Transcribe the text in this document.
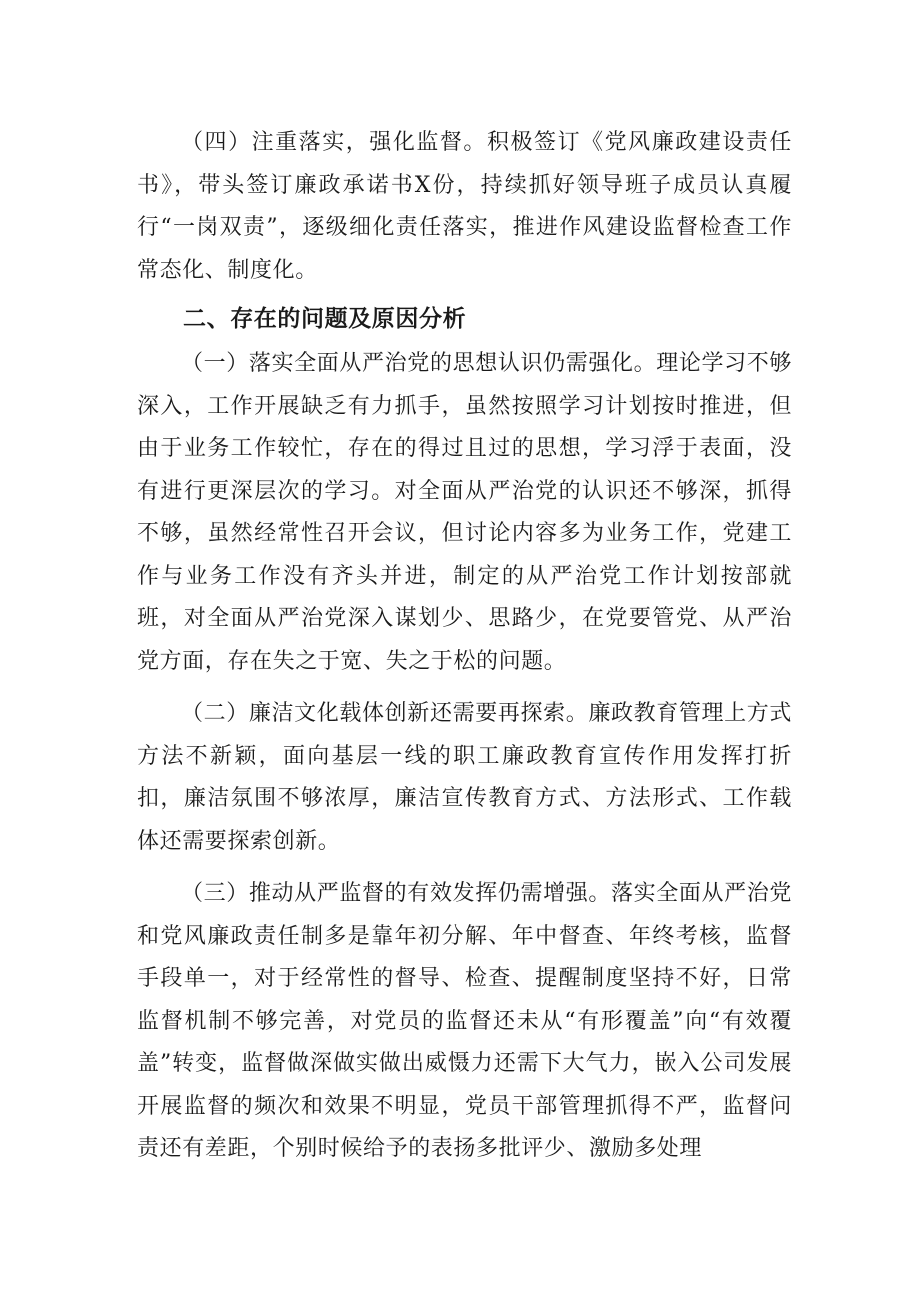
（四）注重落实，强化监督。积极签订《党风廉政建设责任书》，带头签订廉政承诺书X份，持续抓好领导班子成员认真履行“一岗双责”，逐级细化责任落实，推进作风建设监督检查工作常态化、制度化。

二、存在的问题及原因分析

（一）落实全面从严治党的思想认识仍需强化。理论学习不够深入，工作开展缺乏有力抓手，虽然按照学习计划按时推进，但由于业务工作较忙，存在的得过且过的思想，学习浮于表面，没有进行更深层次的学习。对全面从严治党的认识还不够深，抓得不够，虽然经常性召开会议，但讨论内容多为业务工作，党建工作与业务工作没有齐头并进，制定的从严治党工作计划按部就班，对全面从严治党深入谋划少、思路少，在党要管党、从严治党方面，存在失之于宽、失之于松的问题。

（二）廉洁文化载体创新还需要再探索。廉政教育管理上方式方法不新颖，面向基层一线的职工廉政教育宣传作用发挥打折扣，廉洁氛围不够浓厚，廉洁宣传教育方式、方法形式、工作载体还需要探索创新。

（三）推动从严监督的有效发挥仍需增强。落实全面从严治党和党风廉政责任制多是靠年初分解、年中督查、年终考核，监督手段单一，对于经常性的督导、检查、提醒制度坚持不好，日常监督机制不够完善，对党员的监督还未从“有形覆盖”向“有效覆盖”转变，监督做深做实做出威慑力还需下大气力，嵌入公司发展开展监督的频次和效果不明显，党员干部管理抓得不严，监督问责还有差距，个别时候给予的表扬多批评少、激励多处理
